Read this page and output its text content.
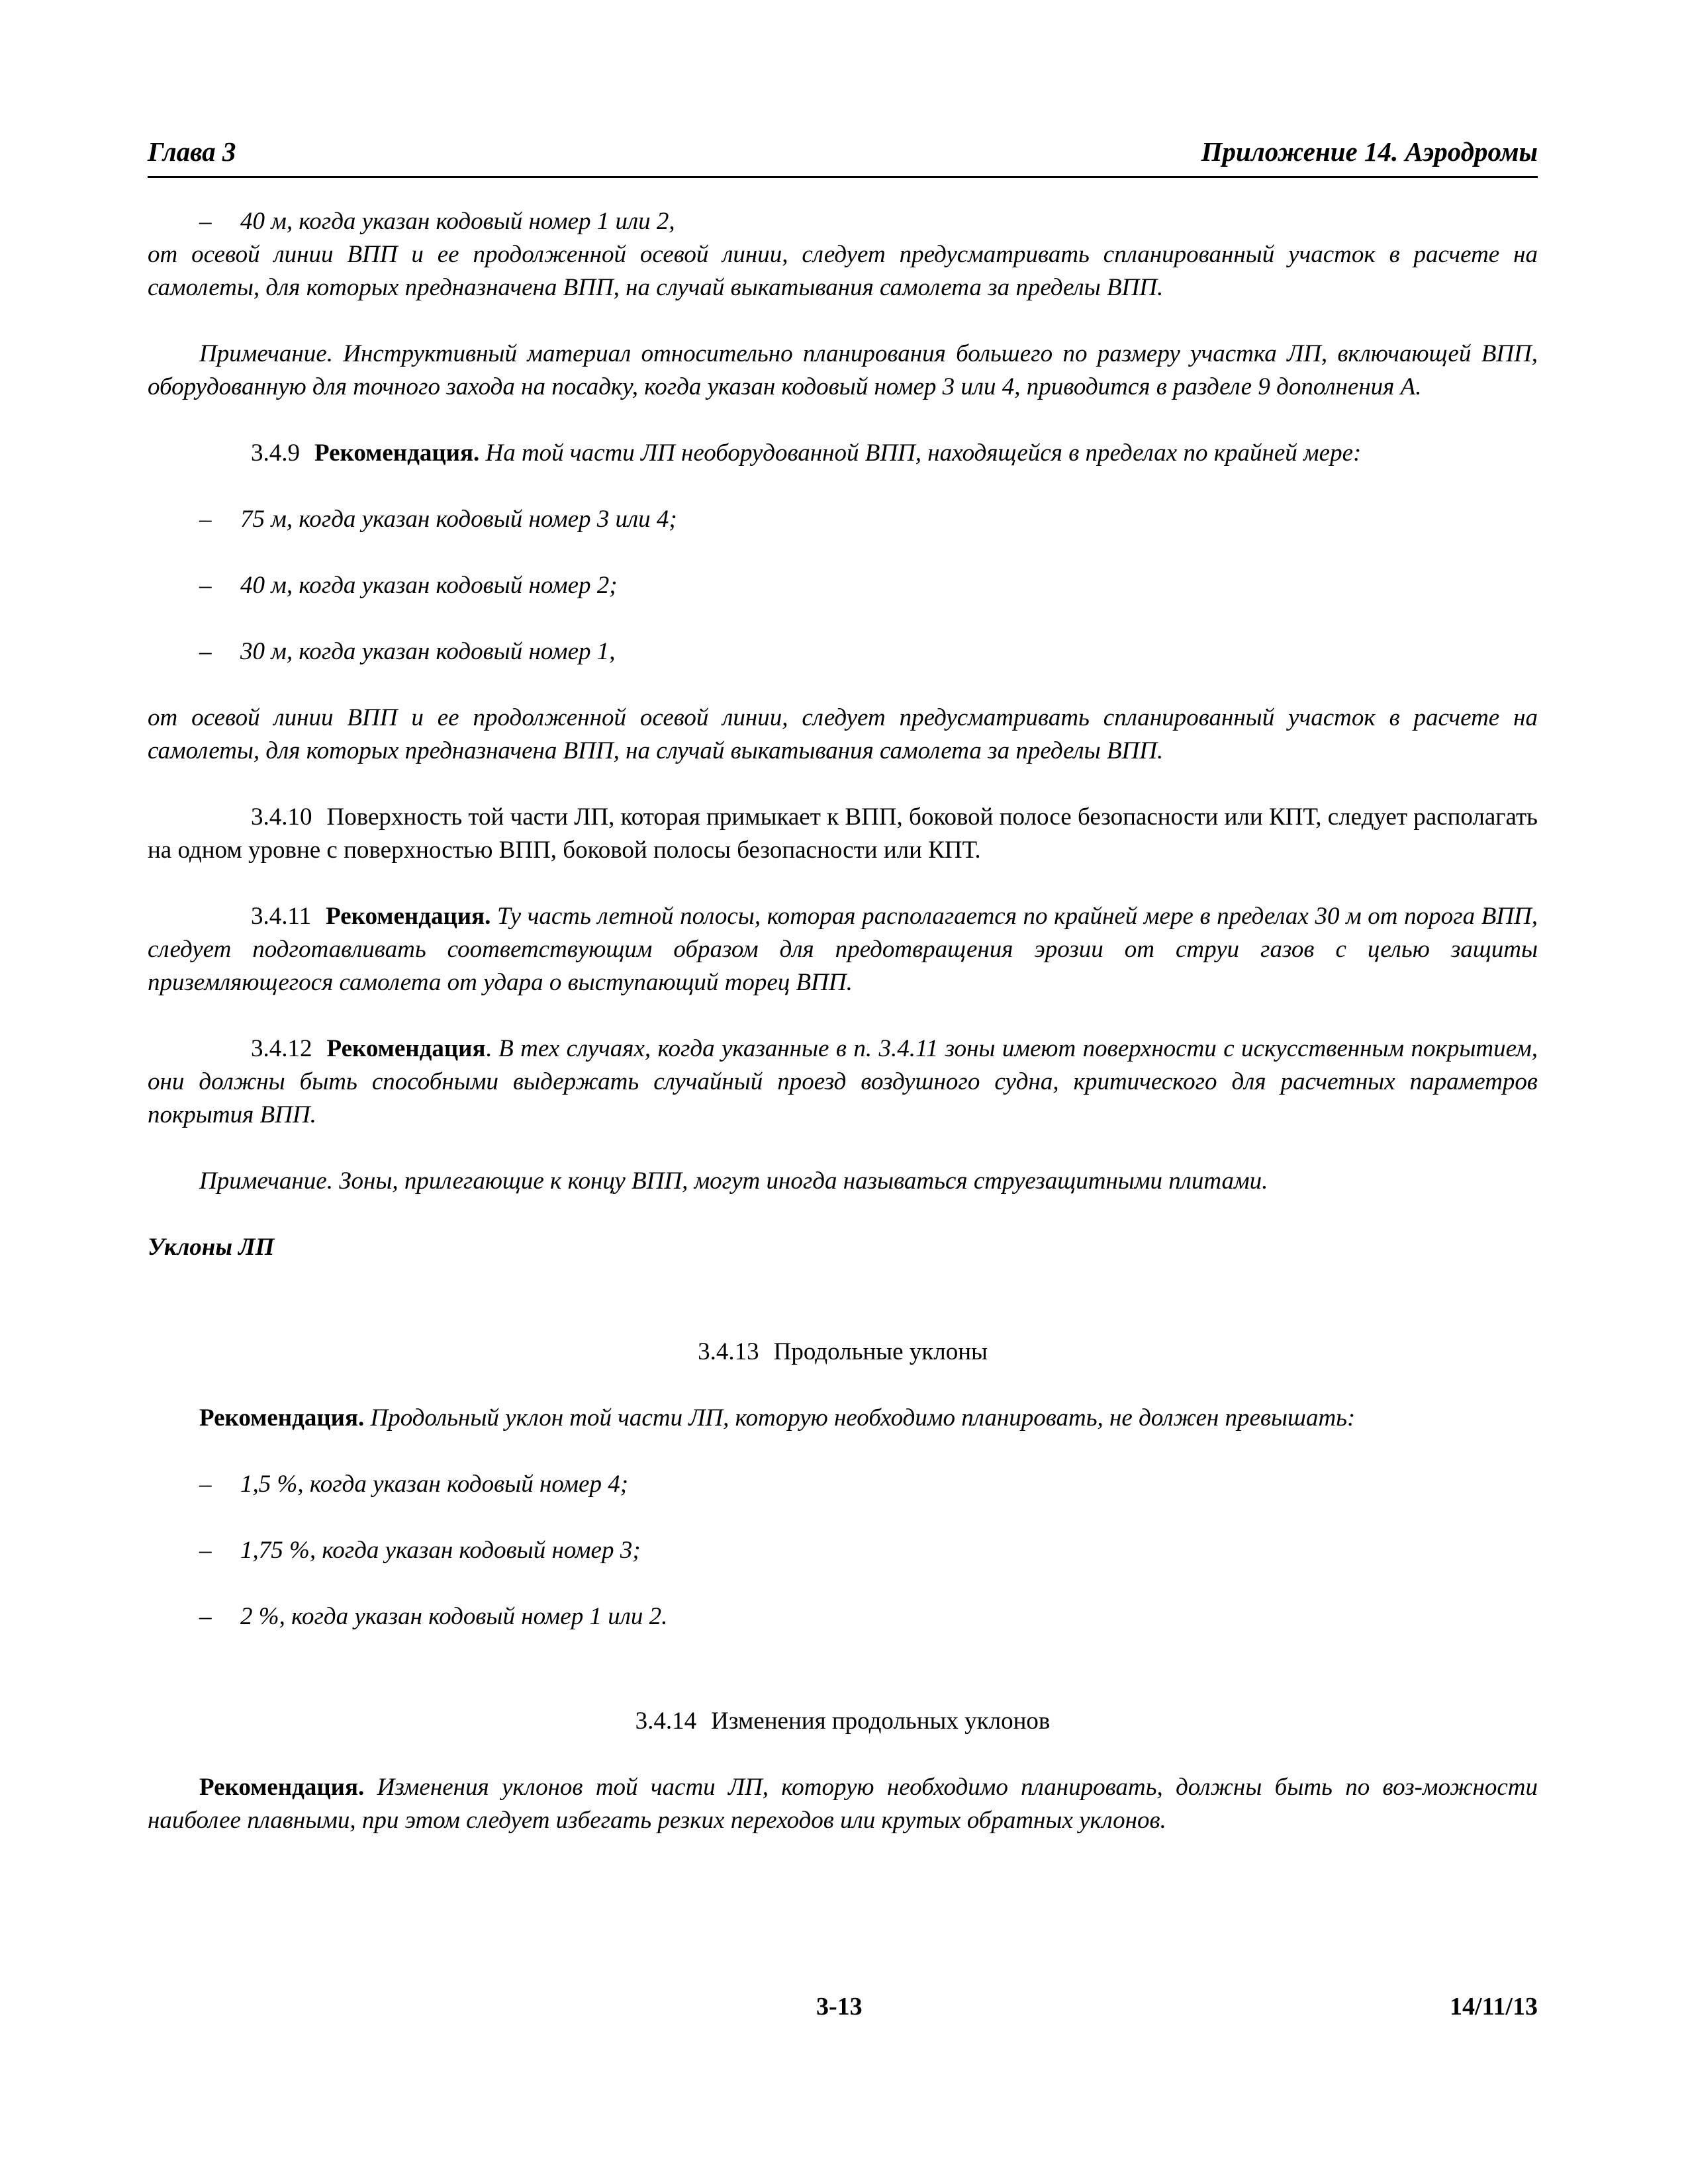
Глава 3	Приложение 14. Аэродромы
– 40 м, когда указан кодовый номер 1 или 2,

от осевой линии ВПП и ее продолженной осевой линии, следует предусматривать спланированный участок в расчете на самолеты, для которых предназначена ВПП, на случай выкатывания самолета за пределы ВПП.

Примечание. Инструктивный материал относительно планирования большего по размеру участка ЛП, включающей ВПП, оборудованную для точного захода на посадку, когда указан кодовый номер 3 или 4, приводится в разделе 9 дополнения А.

3.4.9 Рекомендация. На той части ЛП необорудованной ВПП, находящейся в пределах по крайней мере:

– 75 м, когда указан кодовый номер 3 или 4;
– 40 м, когда указан кодовый номер 2;
– 30 м, когда указан кодовый номер 1,

от осевой линии ВПП и ее продолженной осевой линии, следует предусматривать спланированный участок в расчете на самолеты, для которых предназначена ВПП, на случай выкатывания самолета за пределы ВПП.

3.4.10 Поверхность той части ЛП, которая примыкает к ВПП, боковой полосе безопасности или КПТ, следует располагать на одном уровне с поверхностью ВПП, боковой полосы безопасности или КПТ.

3.4.11 Рекомендация. Ту часть летной полосы, которая располагается по крайней мере в пределах 30 м от порога ВПП, следует подготавливать соответствующим образом для предотвращения эрозии от струи газов с целью защиты приземляющегося самолета от удара о выступающий торец ВПП.

3.4.12 Рекомендация. В тех случаях, когда указанные в п. 3.4.11 зоны имеют поверхности с искусственным покрытием, они должны быть способными выдержать случайный проезд воздушного судна, критического для расчетных параметров покрытия ВПП.

Примечание. Зоны, прилегающие к концу ВПП, могут иногда называться струезащитными плитами.

Уклоны ЛП

3.4.13 Продольные уклоны

Рекомендация. Продольный уклон той части ЛП, которую необходимо планировать, не должен превышать:

– 1,5 %, когда указан кодовый номер 4;
– 1,75 %, когда указан кодовый номер 3;
– 2 %, когда указан кодовый номер 1 или 2.

3.4.14 Изменения продольных уклонов

Рекомендация. Изменения уклонов той части ЛП, которую необходимо планировать, должны быть по воз-можности наиболее плавными, при этом следует избегать резких переходов или крутых обратных уклонов.

3-13	14/11/13
